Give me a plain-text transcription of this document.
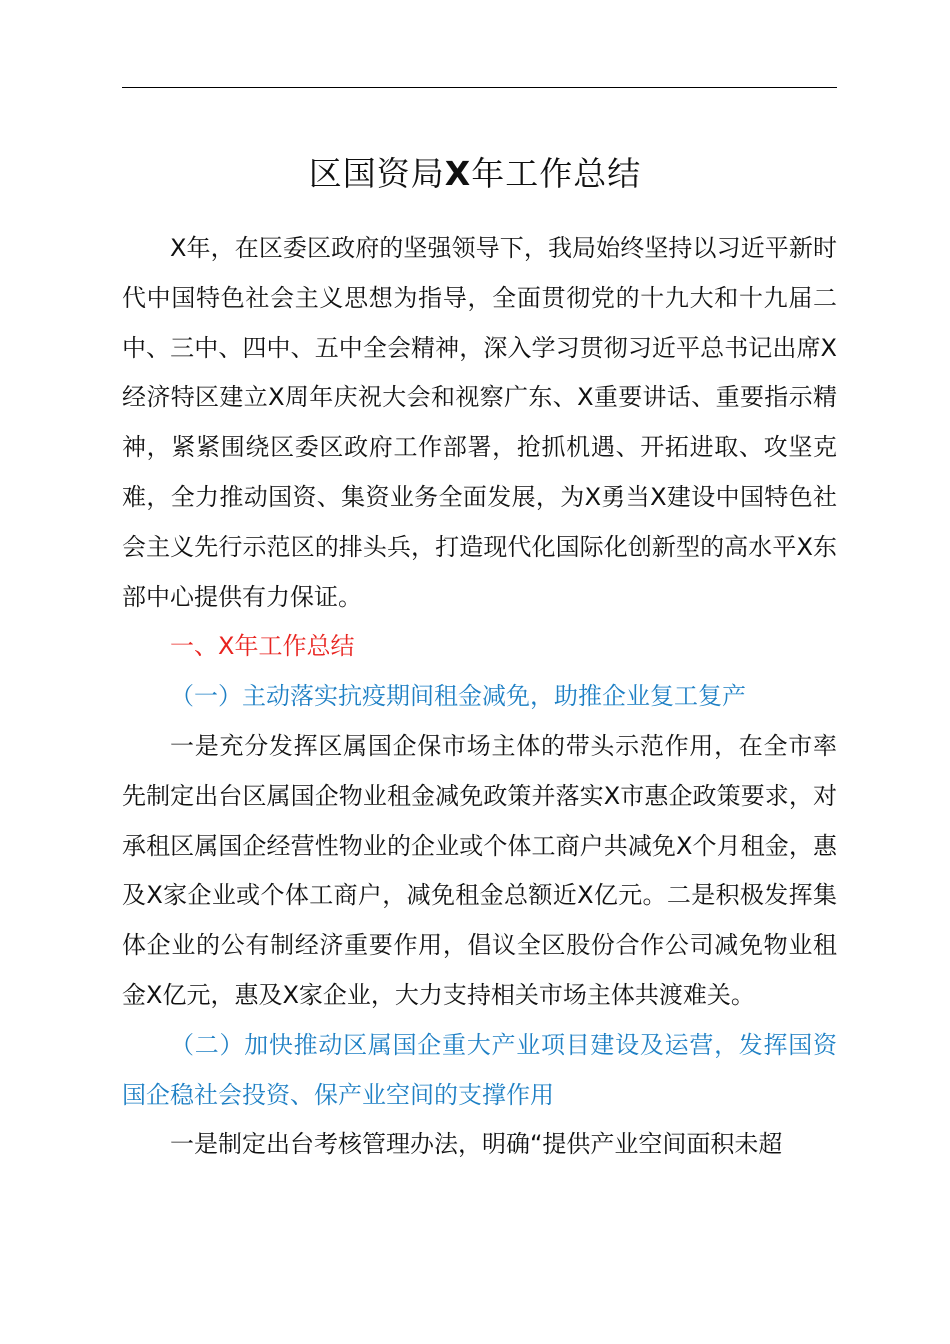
区国资局X年工作总结

X年，在区委区政府的坚强领导下，我局始终坚持以习近平新时代中国特色社会主义思想为指导，全面贯彻党的十九大和十九届二中、三中、四中、五中全会精神，深入学习贯彻习近平总书记出席X经济特区建立X周年庆祝大会和视察广东、X重要讲话、重要指示精神，紧紧围绕区委区政府工作部署，抢抓机遇、开拓进取、攻坚克难，全力推动国资、集资业务全面发展，为X勇当X建设中国特色社会主义先行示范区的排头兵，打造现代化国际化创新型的高水平X东部中心提供有力保证。

一、X年工作总结

（一）主动落实抗疫期间租金减免，助推企业复工复产

一是充分发挥区属国企保市场主体的带头示范作用，在全市率先制定出台区属国企物业租金减免政策并落实X市惠企政策要求，对承租区属国企经营性物业的企业或个体工商户共减免X个月租金，惠及X家企业或个体工商户，减免租金总额近X亿元。二是积极发挥集体企业的公有制经济重要作用，倡议全区股份合作公司减免物业租金X亿元，惠及X家企业，大力支持相关市场主体共渡难关。

（二）加快推动区属国企重大产业项目建设及运营，发挥国资国企稳社会投资、保产业空间的支撑作用

一是制定出台考核管理办法，明确“提供产业空间面积未超
